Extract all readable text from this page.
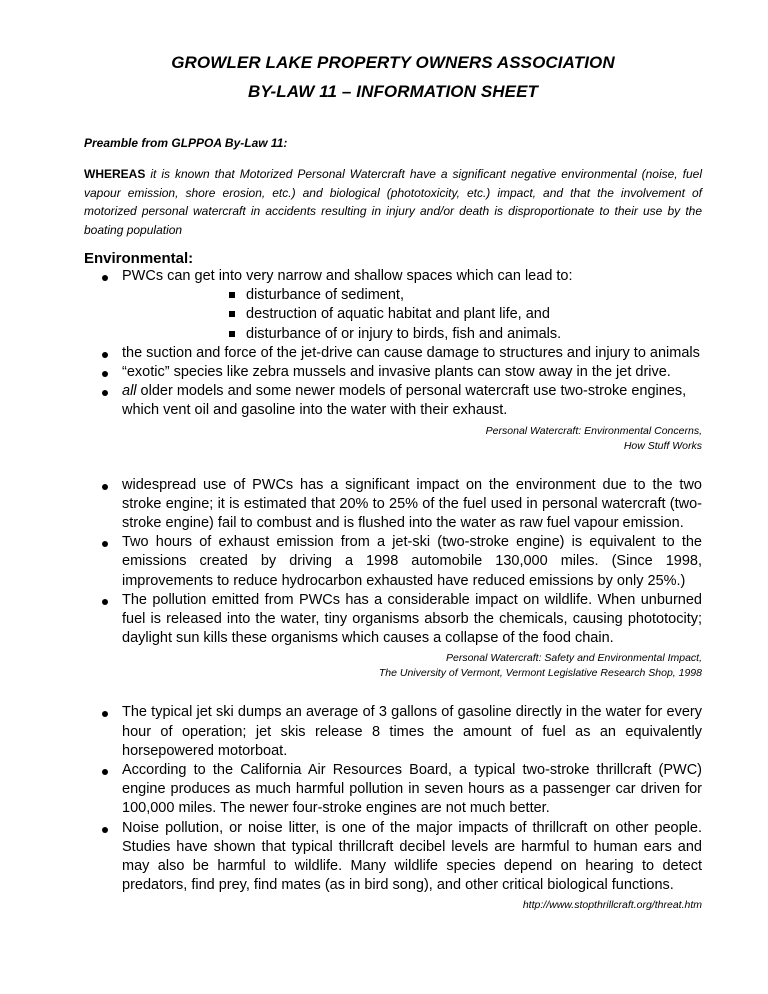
GROWLER LAKE PROPERTY OWNERS ASSOCIATION

BY-LAW 11 – INFORMATION SHEET

Preamble from GLPPOA By-Law 11:
WHEREAS it is known that Motorized Personal Watercraft have a significant negative environmental (noise, fuel vapour emission, shore erosion, etc.) and biological (phototoxicity, etc.) impact, and that the involvement of motorized personal watercraft in accidents resulting in injury and/or death is disproportionate to their use by the boating population
Environmental:
PWCs can get into very narrow and shallow spaces which can lead to:
disturbance of sediment,
destruction of aquatic habitat and plant life, and
disturbance of or injury to birds, fish and animals.
the suction and force of the jet-drive can cause damage to structures and injury to animals
“exotic” species like zebra mussels and invasive plants can stow away in the jet drive.
all older models and some newer models of personal watercraft use two-stroke engines, which vent oil and gasoline into the water with their exhaust.
Personal Watercraft: Environmental Concerns,
How Stuff Works
widespread use of PWCs has a significant impact on the environment due to the two stroke engine; it is estimated that 20% to 25% of the fuel used in personal watercraft (two-stroke engine) fail to combust and is flushed into the water as raw fuel vapour emission.
Two hours of exhaust emission from a jet-ski (two-stroke engine) is equivalent to the emissions created by driving a 1998 automobile 130,000 miles. (Since 1998, improvements to reduce hydrocarbon exhausted have reduced emissions by only 25%.)
The pollution emitted from PWCs has a considerable impact on wildlife. When unburned fuel is released into the water, tiny organisms absorb the chemicals, causing phototocity; daylight sun kills these organisms which causes a collapse of the food chain.
Personal Watercraft: Safety and Environmental Impact,
The University of Vermont, Vermont Legislative Research Shop, 1998
The typical jet ski dumps an average of 3 gallons of gasoline directly in the water for every hour of operation; jet skis release 8 times the amount of fuel as an equivalently horsepowered motorboat.
According to the California Air Resources Board, a typical two-stroke thrillcraft (PWC) engine produces as much harmful pollution in seven hours as a passenger car driven for 100,000 miles. The newer four-stroke engines are not much better.
Noise pollution, or noise litter, is one of the major impacts of thrillcraft on other people. Studies have shown that typical thrillcraft decibel levels are harmful to human ears and may also be harmful to wildlife. Many wildlife species depend on hearing to detect predators, find prey, find mates (as in bird song), and other critical biological functions.
http://www.stopthrillcraft.org/threat.htm
